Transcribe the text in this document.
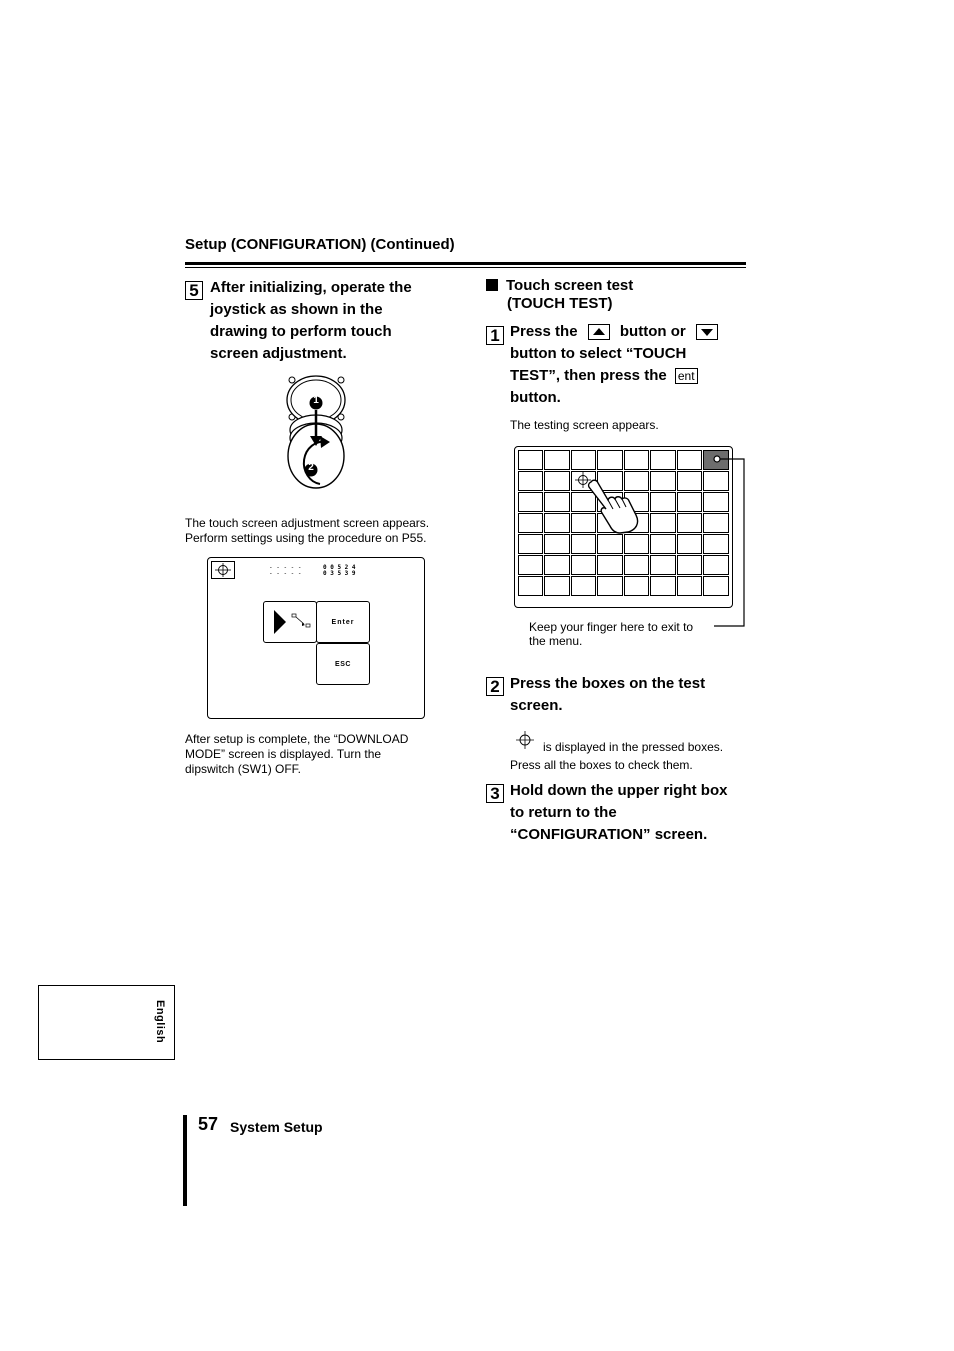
Setup (CONFIGURATION) (Continued)
5 After initializing, operate the
joystick as shown in the
drawing to perform touch
screen adjustment.
1
2
The touch screen adjustment screen appears.
Perform settings using the procedure on P55.
- - - - -
- - - - -
0 0 5 2 4
0 3 5 3 9
Enter
ESC
After setup is complete, the “DOWNLOAD
MODE” screen is displayed. Turn the
dipswitch (SW1) OFF.
Touch screen test
(TOUCH TEST)
1 Press the	button or
button to select “TOUCH
TEST”, then press the ent
button.
The testing screen appears.
Keep your finger here to exit to
the menu.
2 Press the boxes on the test
screen.
is displayed in the pressed boxes.
Press all the boxes to check them.
3 Hold down the upper right box
to return to the
“CONFIGURATION” screen.
English
57 System Setup
